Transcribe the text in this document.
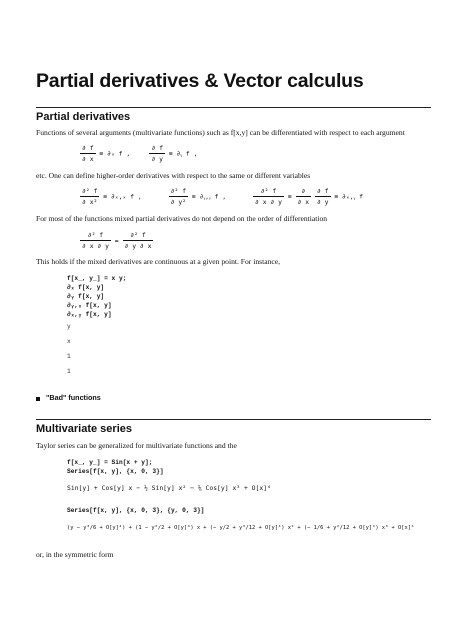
Partial derivatives & Vector calculus
Partial derivatives
Functions of several arguments (multivariate functions) such as f[x,y] can be differentiated with respect to each argument
$\frac{\partial f}{\partial x} \equiv \partial_x$ f ,	$\frac{\partial f}{\partial y}$ ≡ ∂ᵧ f ,
etc. One can define higher-order derivatives with respect to the same or different variables
$\frac{\text{∂² f}}{\text{∂ x²}} \equiv \partial_x,_x$ f ,	$\frac{\text{∂² f}}{\text{∂ y²}}$ ≡ ∂ᵧ,ᵧ f ,	$\frac{\text{∂² f}}{\partial x \partial y} \equiv \frac{\partial}{\partial x}$
$\frac{\partial f}{\partial y}$ ≡ ∂ₓ,ᵧ f
For most of the functions mixed partial derivatives do not depend on the order of differentiation
$\frac{\text{∂² f}}{\partial x \partial y} = \frac{\text{∂² f}}{\partial y \partial x}$
This holds if the mixed derivatives are continuous at a given point. For instance,
f[x_, y_] = x y;
∂ₓ f[x, y]
∂ᵧ f[x, y]
∂ᵧ,ₓ f[x, y]
∂ₓ,ᵧ f[x, y]
y
x
1
1
"Bad" functions
Multivariate series
Taylor series can be generalized for multivariate functions and the
f[x_, y_] = Sin[x + y];
Series[f[x, y], {x, 0, 3}]
Sin[y] + Cos[y] x − ½ Sin[y] x² − ⅙ Cos[y] x³ + O[x]⁴
Series[f[x, y], {x, 0, 3}, {y, 0, 3}]
(y − y³/6 + O[y]⁴) + (1 − y²/2 + O[y]⁴) x + (− y/2 + y³/12 + O[y]⁴) x² + (− 1/6 + y²/12 + O[y]⁴) x³ + O[x]⁴
or, in the symmetric form
